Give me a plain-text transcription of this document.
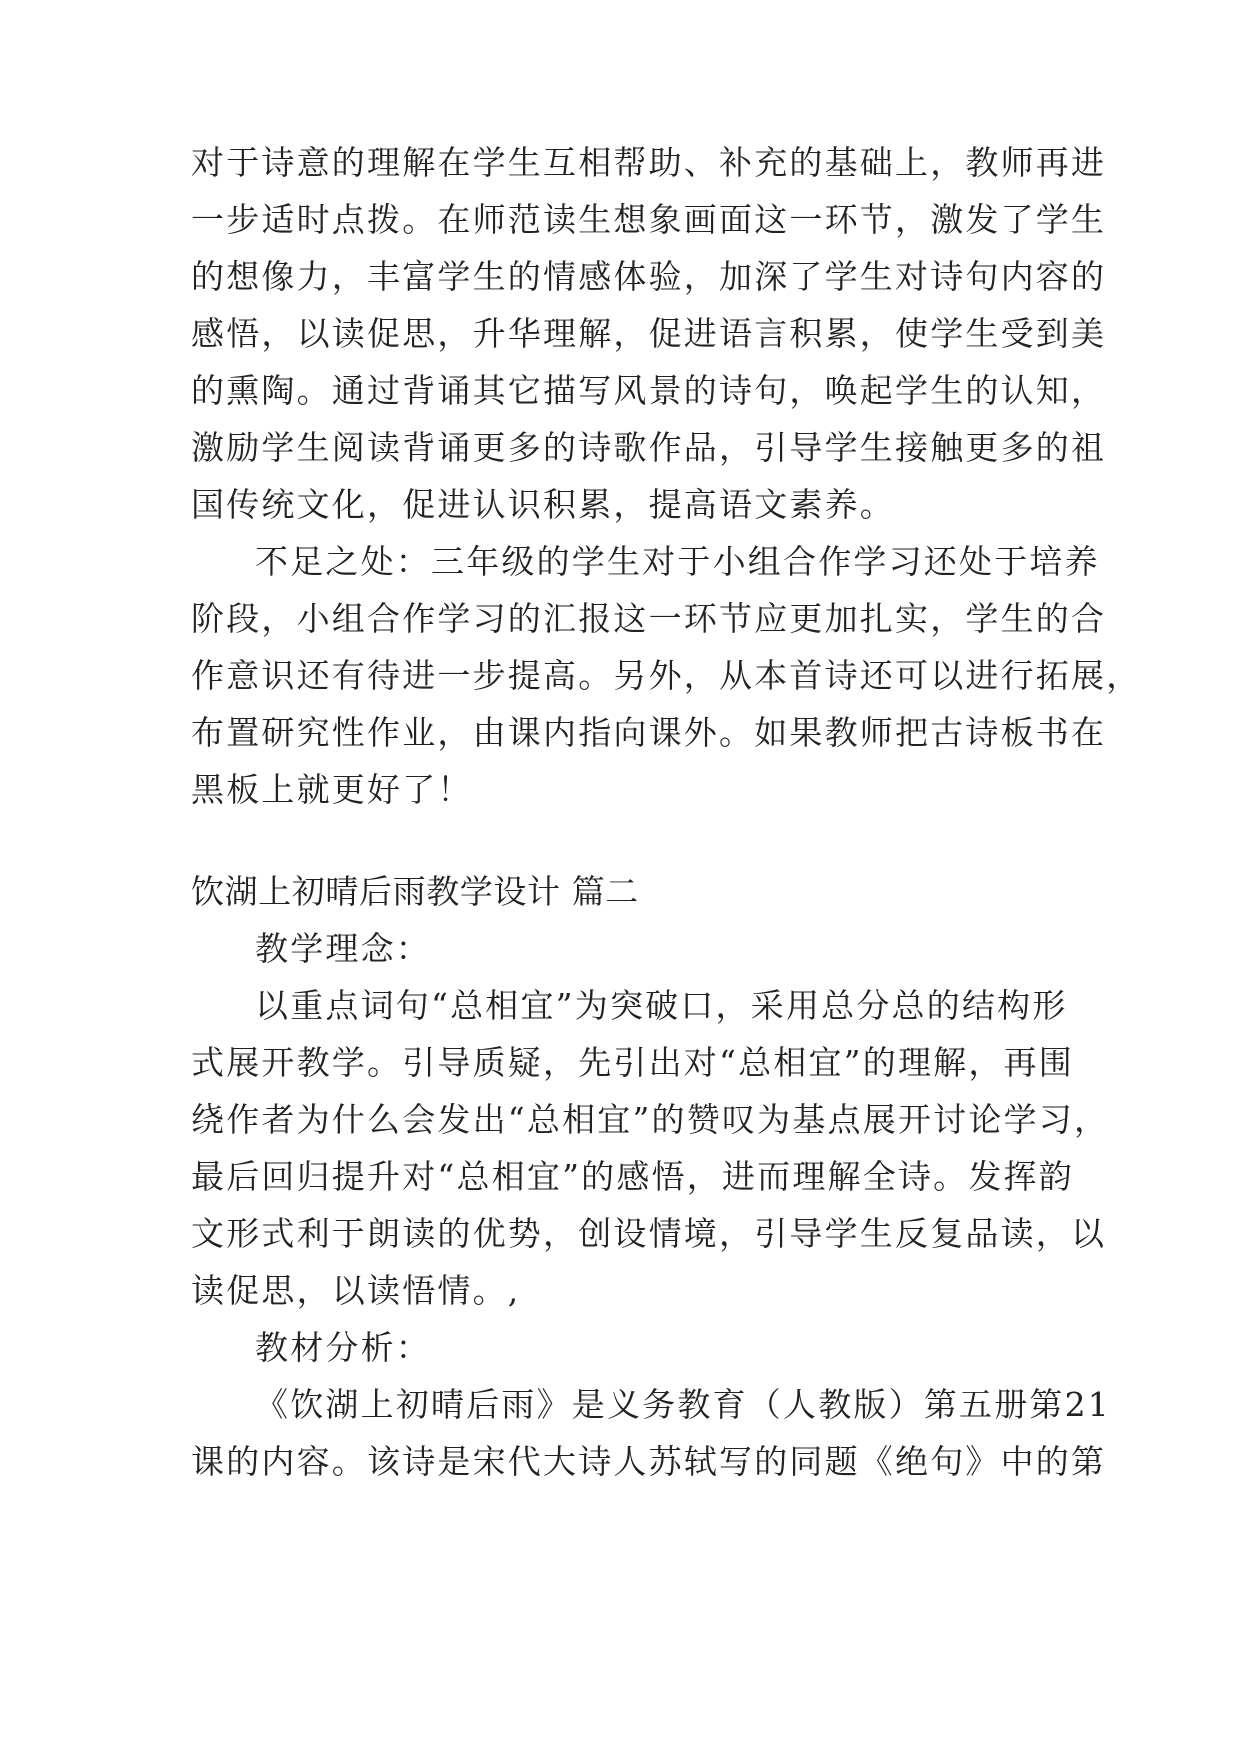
对于诗意的理解在学生互相帮助、补充的基础上，教师再进
一步适时点拨。在师范读生想象画面这一环节，激发了学生
的想像力，丰富学生的情感体验，加深了学生对诗句内容的
感悟，以读促思，升华理解，促进语言积累，使学生受到美
的熏陶。通过背诵其它描写风景的诗句，唤起学生的认知，
激励学生阅读背诵更多的诗歌作品，引导学生接触更多的祖
国传统文化，促进认识积累，提高语文素养。
不足之处：三年级的学生对于小组合作学习还处于培养
阶段，小组合作学习的汇报这一环节应更加扎实，学生的合
作意识还有待进一步提高。另外，从本首诗还可以进行拓展，
布置研究性作业，由课内指向课外。如果教师把古诗板书在
黑板上就更好了！
饮湖上初晴后雨教学设计 篇二
教学理念：
以重点词句“总相宜”为突破口，采用总分总的结构形
式展开教学。引导质疑，先引出对“总相宜”的理解，再围
绕作者为什么会发出“总相宜”的赞叹为基点展开讨论学习，
最后回归提升对“总相宜”的感悟，进而理解全诗。发挥韵
文形式利于朗读的优势，创设情境，引导学生反复品读，以
读促思，以读悟情。,
教材分析：
《饮湖上初晴后雨》是义务教育（人教版）第五册第21
课的内容。该诗是宋代大诗人苏轼写的同题《绝句》中的第
